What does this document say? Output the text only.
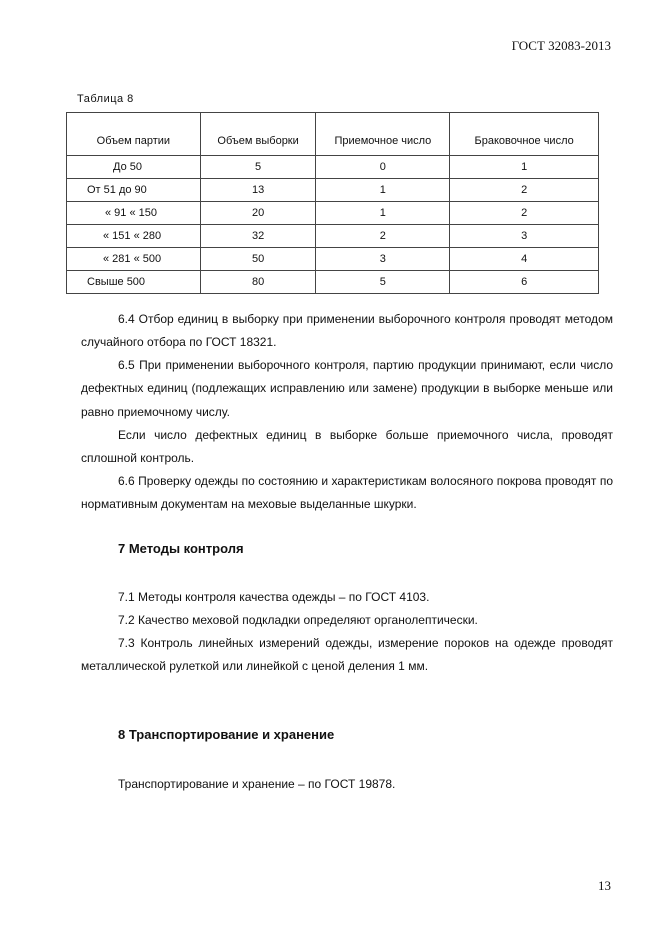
ГОСТ 32083-2013
Таблица 8
Объем партии	Объем выборки	Приемочное число	Браковочное число
До 50	5	0	1
От 51 до 90	13	1	2
« 91 « 150	20	1	2
« 151 « 280	32	2	3
« 281 « 500	50	3	4
Свыше 500	80	5	6

6.4 Отбор единиц в выборку при применении выборочного контроля проводят методом случайного отбора по ГОСТ 18321.

6.5 При применении выборочного контроля, партию продукции принимают, если число дефектных единиц (подлежащих исправлению или замене) продукции в выборке меньше или равно приемочному числу.

Если число дефектных единиц в выборке больше приемочного числа, проводят сплошной контроль.

6.6 Проверку одежды по состоянию и характеристикам волосяного покрова проводят по нормативным документам на меховые выделанные шкурки.

7 Методы контроля

7.1 Методы контроля качества одежды – по ГОСТ 4103.

7.2 Качество меховой подкладки определяют органолептически.

7.3 Контроль линейных измерений одежды, измерение пороков на одежде проводят металлической рулеткой или линейкой с ценой деления 1 мм.

8 Транспортирование и хранение

Транспортирование и хранение – по ГОСТ 19878.

13
